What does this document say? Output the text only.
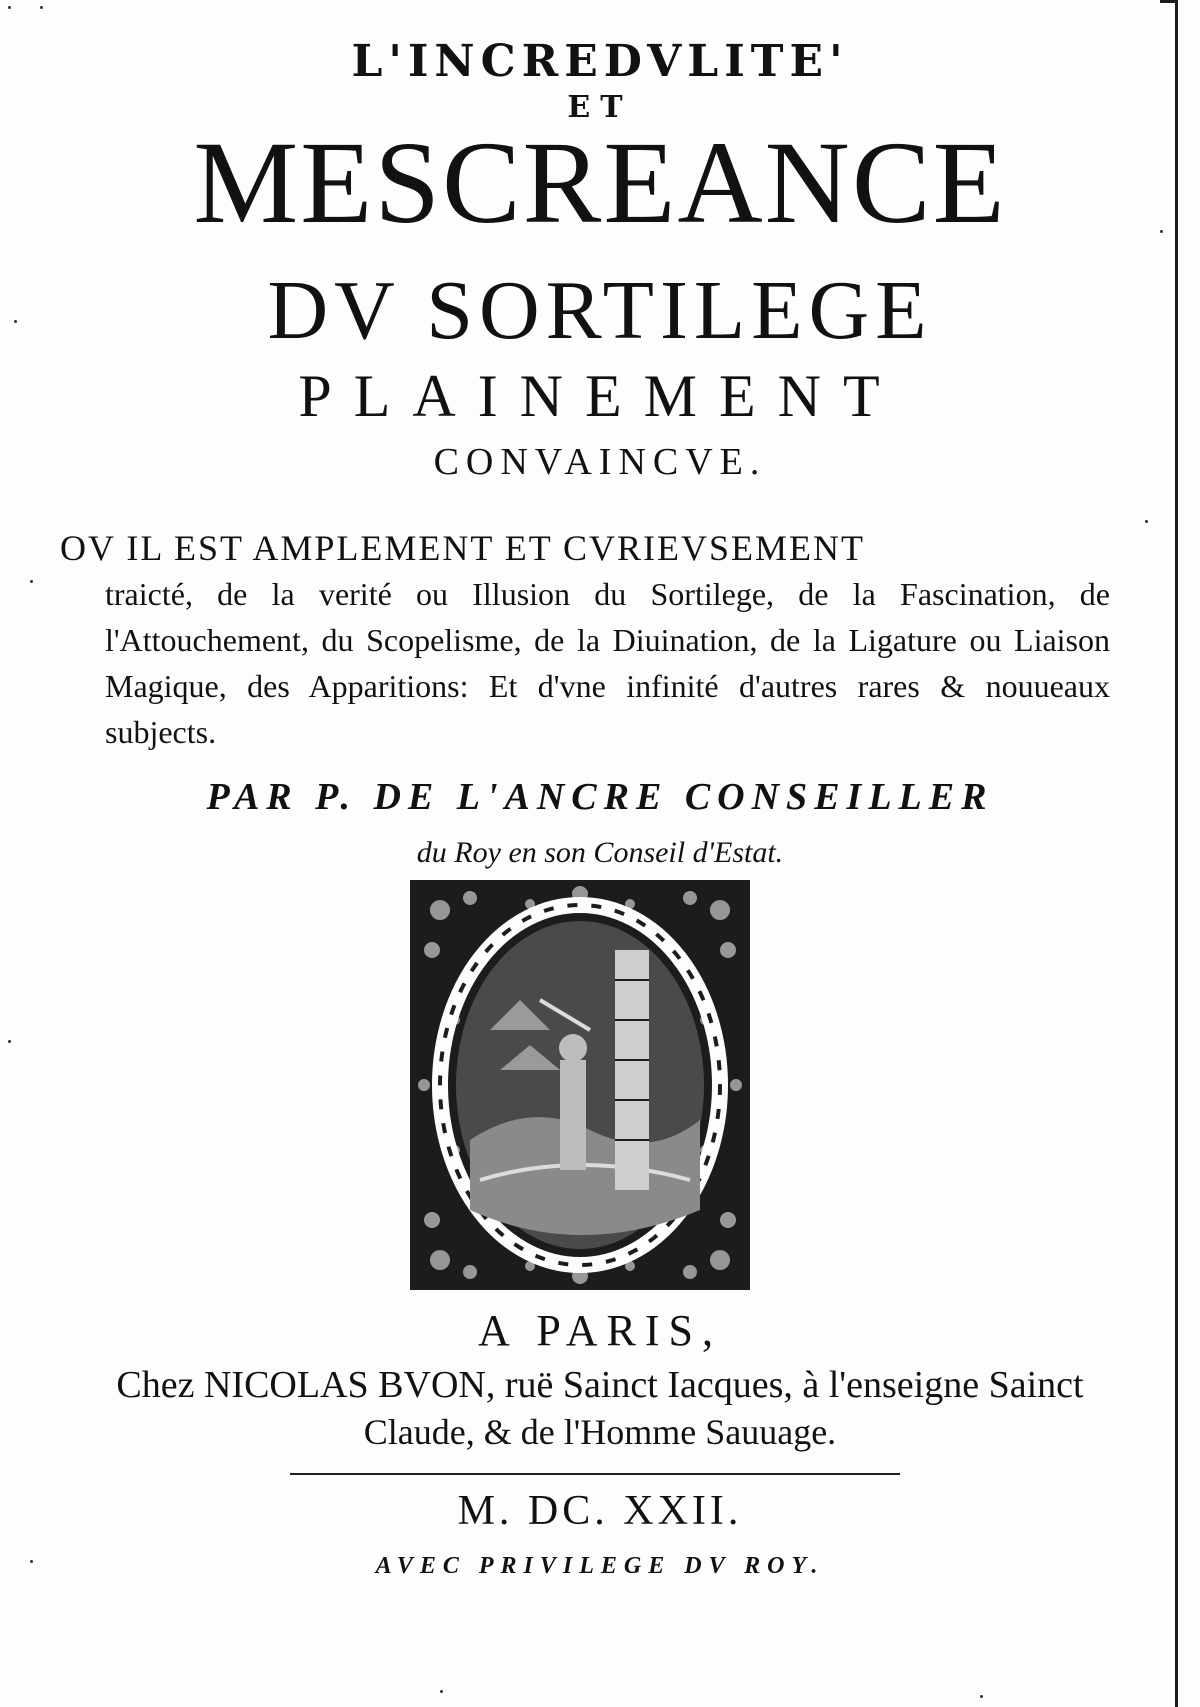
L'INCREDVLITE'
ET
MESCREANCE
DV SORTILEGE
PLAINEMENT
CONVAINCVE.
OV IL EST AMPLEMENT ET CVRIEVSEMENT
traicté, de la verité ou Illusion du Sortilege, de la Fascination, de l'Attouchement, du Scopelisme, de la Diuination, de la Ligature ou Liaison Magique, des Apparitions: Et d'vne infinité d'autres rares & nouueaux subjects.
PAR P. DE L'ANCRE CONSEILLER
du Roy en son Conseil d'Estat.
A PARIS,
Chez NICOLAS BVON, ruë Sainct Iacques, à l'enseigne Sainct
Claude, & de l'Homme Sauuage.
M. DC. XXII.
AVEC PRIVILEGE DV ROY.
